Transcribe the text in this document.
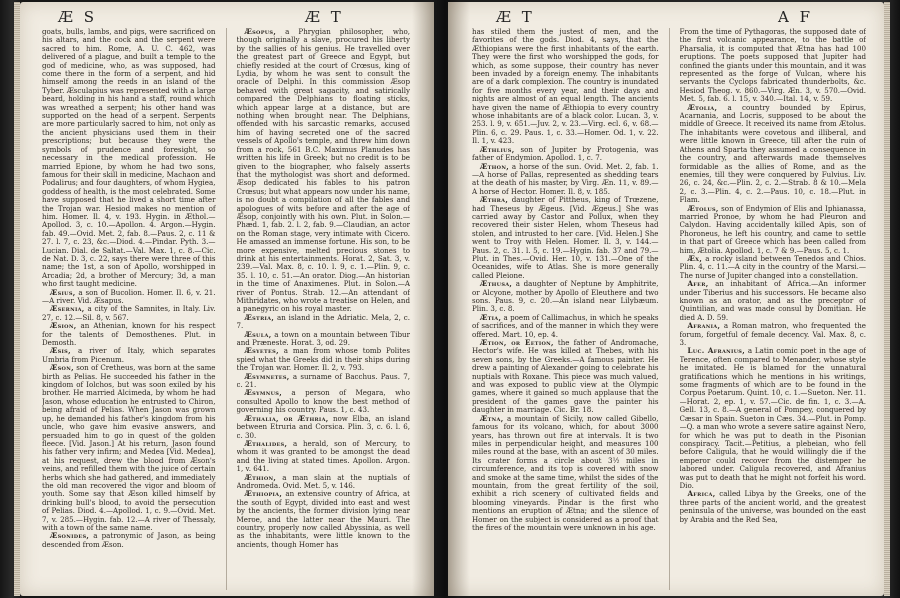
Æ S	Æ T

goats, bulls, lambs, and pigs, were sacrificed on his altars, and the cock and the serpent were sacred to him. Rome, A. U. C. 462, was delivered of a plague, and built a temple to the god of medicine, who, as was supposed, had come there in the form of a serpent, and hid himself among the reeds in an island of the Tyber. Æsculapius was represented with a large beard, holding in his hand a staff, round which was wreathed a serpent; his other hand was supported on the head of a serpent. Serpents are more particularly sacred to him, not only as the ancient physicians used them in their prescriptions; but because they were the symbols of prudence and foresight, so necessary in the medical profession. He married Epione, by whom he had two sons, famous for their skill in medicine, Machaon and Podalirus; and four daughters, of whom Hygiea, goddess of health, is the most celebrated. Some have supposed that he lived a short time after the Trojan war. Hesiod makes no mention of him. Homer. Il. 4, v. 193. Hygin. in Æthol.—Apollod. 3, c. 10.—Apollon. 4. Argon.—Hygin. fab. 49.—Ovid. Met. 2, fab. 8.—Paus. 2, c. 11 & 27. l. 7, c. 23, &c.—Diod. 4.—Pindar. Pyth. 3.—Lucian. Dial. de Saltat.—Val. Max. 1, c. 8.—Cic. de Nat. D. 3, c. 22, says there were three of this name; the 1st, a son of Apollo, worshipped in Arcadia; 2d, a brother of Mercury; 3d, a man who first taught medicine.

Æsius, a son of Bucolion. Homer. Il. 6, v. 21.—A river. Vid. Æsapus.

Æsernia, a city of the Samnites, in Italy. Liv. 27, c. 12.—Sil. 8, v. 567.

Æsion, an Athenian, known for his respect for the talents of Demosthenes. Plut. in Demosth.

Æsis, a river of Italy, which separates Umbria from Picenum.

Æson, son of Cretheus, was born at the same birth as Pelias. He succeeded his father in the kingdom of Iolchos, but was soon exiled by his brother. He married Alcimeda, by whom he had Jason, whose education he entrusted to Chiron, being afraid of Pelias. When Jason was grown up, he demanded his father's kingdom from his uncle, who gave him evasive answers, and persuaded him to go in quest of the golden fleece. [Vid. Jason.] At his return, Jason found his father very infirm; and Medea [Vid. Medea], at his request, drew the blood from Æson's veins, and refilled them with the juice of certain herbs which she had gathered, and immediately the old man recovered the vigor and bloom of youth. Some say that Æson killed himself by drinking bull's blood, to avoid the persecution of Pelias. Diod. 4.—Apollod. 1, c. 9.—Ovid. Met. 7, v. 285.—Hygin. fab. 12.—A river of Thessaly, with a town of the same name.

Æsonides, a patronymic of Jason, as being descended from Æson.

Æsopus, a Phrygian philosopher, who, though originally a slave, procured his liberty by the sallies of his genius. He travelled over the greatest part of Greece and Egypt, but chiefly resided at the court of Crœsus, king of Lydia, by whom he was sent to consult the oracle of Delphi. In this commission Æsop behaved with great sagacity, and satirically compared the Delphians to floating sticks, which appear large at a distance, but are nothing when brought near. The Delphians, offended with his sarcastic remarks, accused him of having secreted one of the sacred vessels of Apollo's temple, and threw him down from a rock, 561 B.C. Maximus Planudes has written his life in Greek; but no credit is to be given to the biographer, who falsely asserts that the mythologist was short and deformed. Æsop dedicated his fables to his patron Crœsus; but what appears now under his name, is no doubt a compilation of all the fables and apologues of wits before and after the age of Æsop, conjointly with his own. Plut. in Solon.—Phæd. 1, fab. 2. l. 2, fab. 9.—Claudian, an actor on the Roman stage, very intimate with Cicero. He amassed an immense fortune. His son, to be more expensive, melted precious stones to drink at his entertainments. Horat. 2, Sat. 3, v. 239.—Val. Max. 8, c. 10. l. 9, c. 1.—Plin. 9, c. 35. l. 10, c. 51.—An orator. Diog.—An historian in the time of Anaximenes. Plut. in Solon.—A river of Pontus. Strab. 12.—An attendant of Mithridates, who wrote a treatise on Helen, and a panegyric on his royal master.

Æstria, an island in the Adriatic. Mela, 2, c. 7.

Æsula, a town on a mountain between Tibur and Præneste. Horat. 3, od. 29.

Æsyetes, a man from whose tomb Polites spied what the Greeks did in their ships during the Trojan war. Homer. Il. 2, v. 793.

Æsymnetes, a surname of Bacchus. Paus. 7, c. 21.

Æsymnus, a person of Megara, who consulted Apollo to know the best method of governing his country. Paus. 1, c. 43.

Æthalia, or Æthria, now Elba, an island between Etruria and Corsica. Plin. 3, c. 6. l. 6, c. 30.

Æthalides, a herald, son of Mercury, to whom it was granted to be amongst the dead and the living at stated times. Apollon. Argon. 1, v. 641.

Æthion, a man slain at the nuptials of Andromeda. Ovid. Met. 5, v. 146.

Æthiopia, an extensive country of Africa, at the south of Egypt, divided into east and west by the ancients, the former division lying near Meroe, and the latter near the Mauri. The country, properly now called Abyssinia, as well as the inhabitants, were little known to the ancients, though Homer has

Æ T	A F

has stiled them the justest of men, and the favorites of the gods. Diod. 4, says, that the Æthiopians were the first inhabitants of the earth. They were the first who worshipped the gods, for which, as some suppose, their country has never been invaded by a foreign enemy. The inhabitants are of a dark complexion. The country is inundated for five months every year, and their days and nights are almost of an equal length. The ancients have given the name of Æthiopia to every country whose inhabitants are of a black color. Lucan. 3, v. 253. l. 9, v. 651.—Juv. 2, v. 23.—Virg. ecl. 6, v. 68.—Plin. 6, c. 29. Paus. 1, c. 33.—Homer. Od. 1, v. 22. Il. 1, v. 423.

Æthlius, son of Jupiter by Protogenia, was father of Endymion. Apollod. 1, c. 7.

Æthon, a horse of the sun. Ovid. Met. 2, fab. 1.—A horse of Pallas, represented as shedding tears at the death of his master, by Virg. Æn. 11, v. 89.—A horse of Hector. Homer. Il. 8, v. 185.

Æthra, daughter of Pittheus, king of Trœzene, had Theseus by Ægeus. [Vid. Ægeus.] She was carried away by Castor and Pollux, when they recovered their sister Helen, whom Theseus had stolen, and intrusted to her care. [Vid. Helen.] She went to Troy with Helen. Homer. Il. 3, v. 144.—Paus. 2, c. 31. l. 5, c. 19.—Hygin. fab. 37 and 79.—Plut. in Thes.—Ovid. Her. 10, v. 131.—One of the Oceanides, wife to Atlas. She is more generally called Pleione.

Æthusa, a daughter of Neptune by Amphitrite, or Alcyone, mother by Apollo of Eleuthere and two sons. Paus. 9, c. 20.—An island near Lilybæum. Plin. 3, c. 8.

Ætia, a poem of Callimachus, in which he speaks of sacrifices, and of the manner in which they were offered. Mart. 10, ep. 4.

Ætion, or Eetion, the father of Andromache, Hector's wife. He was killed at Thebes, with his seven sons, by the Greeks.—A famous painter. He drew a painting of Alexander going to celebrate his nuptials with Roxane. This piece was much valued, and was exposed to public view at the Olympic games, where it gained so much applause that the president of the games gave the painter his daughter in marriage. Cic. Br. 18.

Ætna, a mountain of Sicily, now called Gibello, famous for its volcano, which, for about 3000 years, has thrown out fire at intervals. It is two miles in perpendicular height, and measures 100 miles round at the base, with an ascent of 30 miles. Its crater forms a circle about 3½ miles in circumference, and its top is covered with snow and smoke at the same time, whilst the sides of the mountain, from the great fertility of the soil, exhibit a rich scenery of cultivated fields and blooming vineyards. Pindar is the first who mentions an eruption of Ætna; and the silence of Homer on the subject is considered as a proof that the fires of the mountain were unknown in his age.

From the time of Pythagoras, the supposed date of the first volcanic appearance, to the battle of Pharsalia, it is computed that Ætna has had 100 eruptions. The poets supposed that Jupiter had confined the giants under this mountain, and it was represented as the forge of Vulcan, where his servants the Cyclops fabricated thunderbolts, &c. Hesiod Theog. v. 860.—Virg. Æn. 3, v. 570.—Ovid. Met. 5, fab. 6. l. 15, v. 340.—Ital. 14, v. 59.

Ætolia, a country bounded by Epirus, Acarnania, and Locris, supposed to be about the middle of Greece. It received its name from Ætolus. The inhabitants were covetous and illiberal, and were little known in Greece, till after the ruin of Athens and Sparta they assumed a consequence in the country, and afterwards made themselves formidable as the allies of Rome, and as the enemies, till they were conquered by Fulvius. Liv. 26, c. 24, &c.—Plin. 2, c. 2.—Strab. 8 & 10.—Mela 2, c. 3.—Plin. 4, c. 2.—Paus. 10, c. 18.—Plut. in Flam.

Ætolus, son of Endymion of Elis and Iphianassa, married Pronoe, by whom he had Pleuron and Calydon. Having accidentally killed Apis, son of Phoroneus, he left his country, and came to settle in that part of Greece which has been called from him, Ætolia. Apollod. 1, c. 7 & 9.—Paus. 5, c. 1.

Æx, a rocky island between Tenedos and Chios. Plin. 4, c. 11.—A city in the country of the Marsi.—The nurse of Jupiter changed into a constellation.

Afer, an inhabitant of Africa.—An informer under Tiberius and his successors. He became also known as an orator, and as the preceptor of Quintilian, and was made consul by Domitian. He died A. D. 59.

Afrania, a Roman matron, who frequented the forum, forgetful of female decency. Val. Max. 8, c. 3.

Luc. Afranius, a Latin comic poet in the age of Terence, often compared to Menander, whose style he imitated. He is blamed for the unnatural gratifications which he mentions in his writings, some fragments of which are to be found in the Corpus Poetarum. Quint. 10, c. 1.—Sueton. Ner. 11.—Horat. 2, ep. 1, v. 57.—Cic. de fin. 1, c. 3.—A. Gell. 13, c. 8.—A general of Pompey, conquered by Cæsar in Spain. Sueton in Cæs. 34.—Plut. in Pomp.—Q. a man who wrote a severe satire against Nero, for which he was put to death in the Pisonian conspiracy. Tacit.—Petitius, a plebeian, who fell before Caligula, that he would willingly die if the emperor could recover from the distemper he labored under. Caligula recovered, and Afranius was put to death that he might not forfeit his word. Dio.

Africa, called Libya by the Greeks, one of the three parts of the ancient world, and the greatest peninsula of the universe, was bounded on the east by Arabia and the Red Sea,
